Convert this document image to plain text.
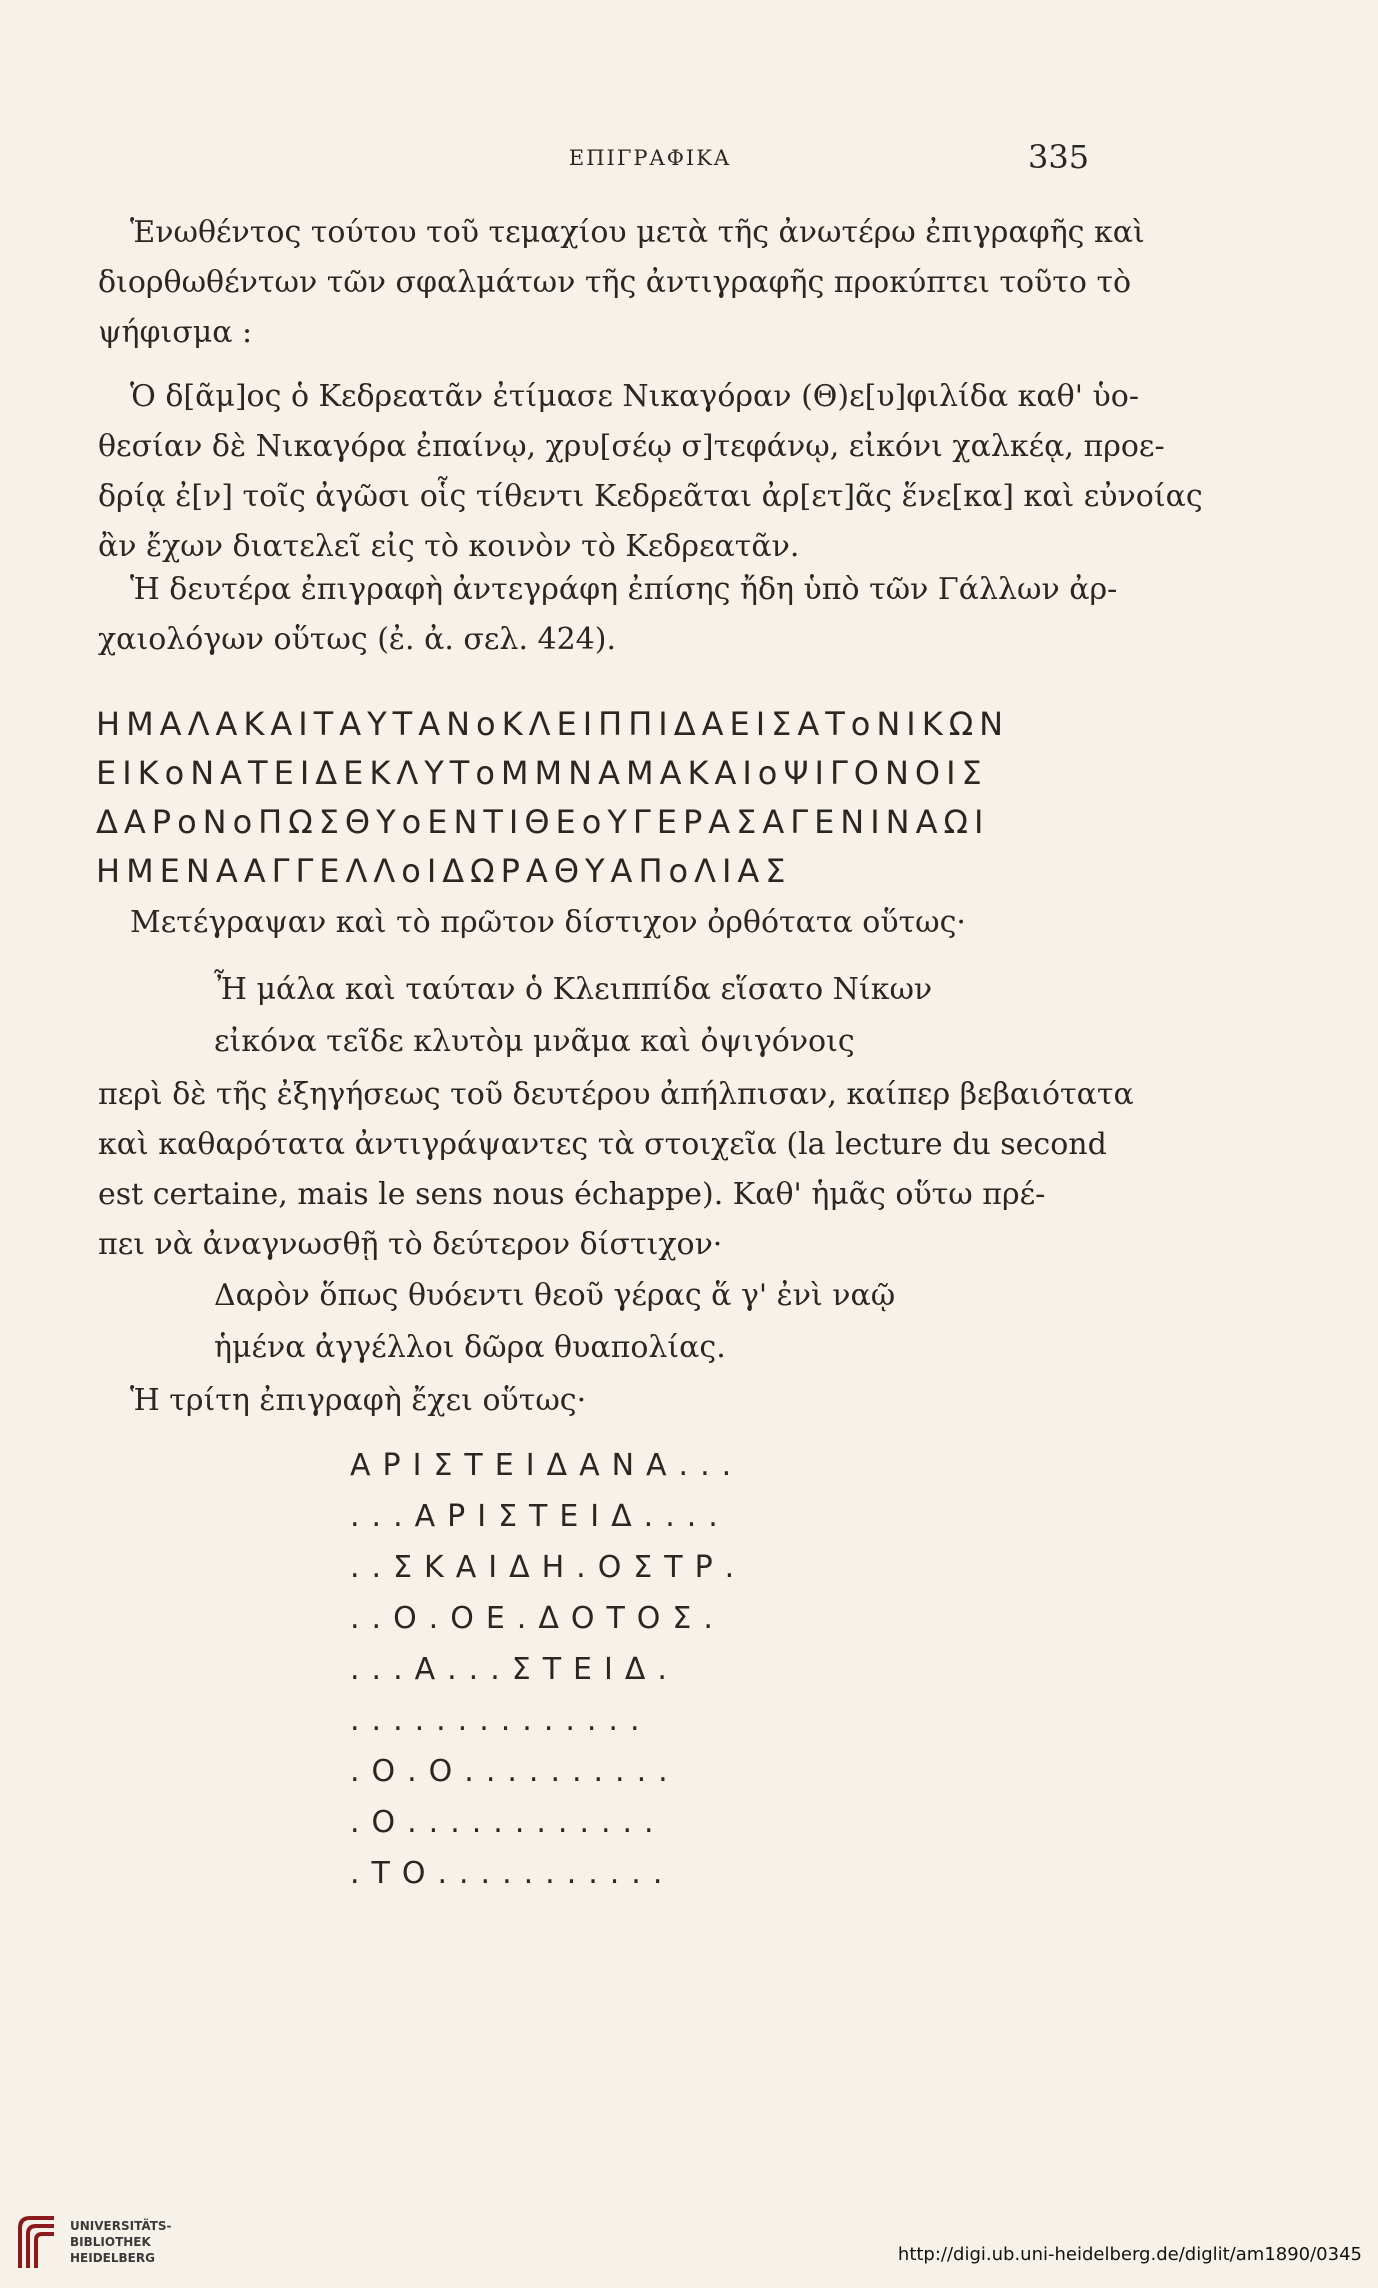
ΕΠΙΓΡΑΦΙΚΑ	335
Ἑνωθέντος τούτου τοῦ τεμαχίου μετὰ τῆς ἀνωτέρω ἐπιγραφῆς καὶ
διορθωθέντων τῶν σφαλμάτων τῆς ἀντιγραφῆς προκύπτει τοῦτο τὸ
ψήφισμα :
Ὁ δ[ᾶμ]ος ὁ Κεδρεατᾶν ἐτίμασε Νικαγόραν (Θ)ε[υ]φιλίδα καθ' ὑο-
θεσίαν δὲ Νικαγόρα ἐπαίνῳ, χρυ[σέῳ σ]τεφάνῳ, εἰκόνι χαλκέᾳ, προε-
δρίᾳ ἐ[ν] τοῖς ἀγῶσι οἷς τίθεντι Κεδρεᾶται ἀρ[ετ]ᾶς ἕνε[κα] καὶ εὐνοίας
ἂν ἔχων διατελεῖ εἰς τὸ κοινὸν τὸ Κεδρεατᾶν.
Ἡ δευτέρα ἐπιγραφὴ ἀντεγράφη ἐπίσης ἤδη ὑπὸ τῶν Γάλλων ἀρ-
χαιολόγων οὕτως (ἐ. ἀ. σελ. 424).
ΗΜΑΛΑΚΑΙΤΑΥΤΑΝοΚΛΕΙΠΠΙΔΑΕΙΣΑΤοΝΙΚΩΝ
ΕΙΚοΝΑΤΕΙΔΕΚΛΥΤοΜΜΝΑΜΑΚΑΙοΨΙΓΟΝΟΙΣ
ΔΑΡοΝοΠΩΣΘΥοΕΝΤΙΘΕοΥΓΕΡΑΣΑΓΕΝΙΝΑΩΙ
ΗΜΕΝΑΑΓΓΕΛΛοΙΔΩΡΑΘΥΑΠοΛΙΑΣ
Μετέγραψαν καὶ τὸ πρῶτον δίστιχον ὀρθότατα οὕτως·
Ἦ μάλα καὶ ταύταν ὁ Κλειππίδα εἵσατο Νίκων
εἰκόνα τεῖδε κλυτὸμ μνᾶμα καὶ ὀψιγόνοις
περὶ δὲ τῆς ἐξηγήσεως τοῦ δευτέρου ἀπήλπισαν, καίπερ βεβαιότατα
καὶ καθαρότατα ἀντιγράψαντες τὰ στοιχεῖα (la lecture du second
est certaine, mais le sens nous échappe). Καθ' ἡμᾶς οὕτω πρέ-
πει νὰ ἀναγνωσθῇ τὸ δεύτερον δίστιχον·
Δαρὸν ὅπως θυόεντι θεοῦ γέρας ἅ γ' ἐνὶ ναῷ
ἡμένα ἀγγέλλοι δῶρα θυαπολίας.
Ἡ τρίτη ἐπιγραφὴ ἔχει οὕτως·
ΑΡΙΣΤΕΙΔΑΝΑ...
...ΑΡΙΣΤΕΙΔ....
..ΣΚΑΙΔΗ.ΟΣΤΡ.
..Ο.ΟΕ.ΔΟΤΟΣ.
...Α...ΣΤΕΙΔ.
..............
.Ο.Ο..........
.Ο............
.ΤΟ...........
UNIVERSITÄTS-
BIBLIOTHEK
HEIDELBERG	http://digi.ub.uni-heidelberg.de/diglit/am1890/0345
